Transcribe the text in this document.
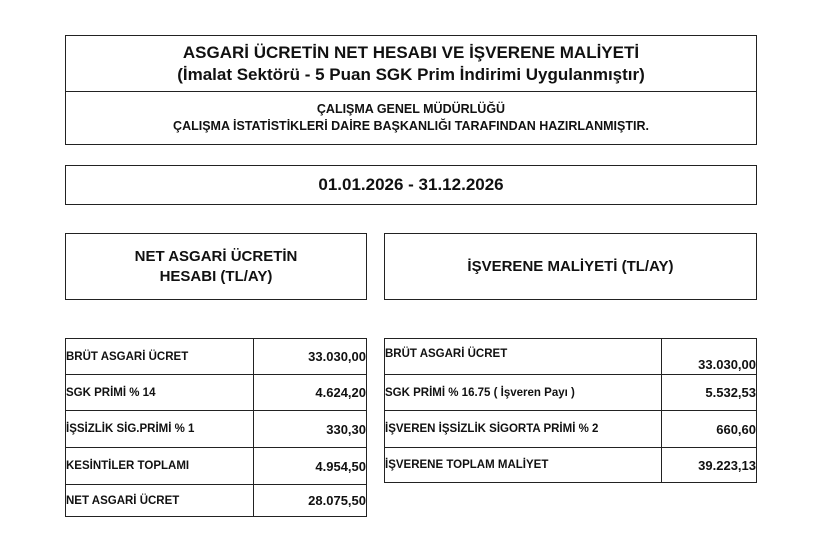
ASGARİ ÜCRETİN NET HESABI VE İŞVERENE MALİYETİ
(İmalat Sektörü - 5 Puan SGK Prim İndirimi Uygulanmıştır)
ÇALIŞMA GENEL MÜDÜRLÜĞÜ
ÇALIŞMA İSTATİSTİKLERİ DAİRE BAŞKANLIĞI TARAFINDAN HAZIRLANMIŞTIR.
01.01.2026 - 31.12.2026
NET ASGARİ ÜCRETİN
HESABI (TL/AY)
İŞVERENE MALİYETİ (TL/AY)
BRÜT ASGARİ ÜCRET	33.030,00
SGK PRİMİ % 14	4.624,20
İŞSİZLİK SİG.PRİMİ % 1	330,30
KESİNTİLER TOPLAMI	4.954,50
NET ASGARİ ÜCRET	28.075,50
BRÜT ASGARİ ÜCRET	33.030,00
SGK PRİMİ % 16.75 ( İşveren Payı )	5.532,53
İŞVEREN İŞSİZLİK SİGORTA PRİMİ % 2	660,60
İŞVERENE TOPLAM MALİYET	39.223,13
